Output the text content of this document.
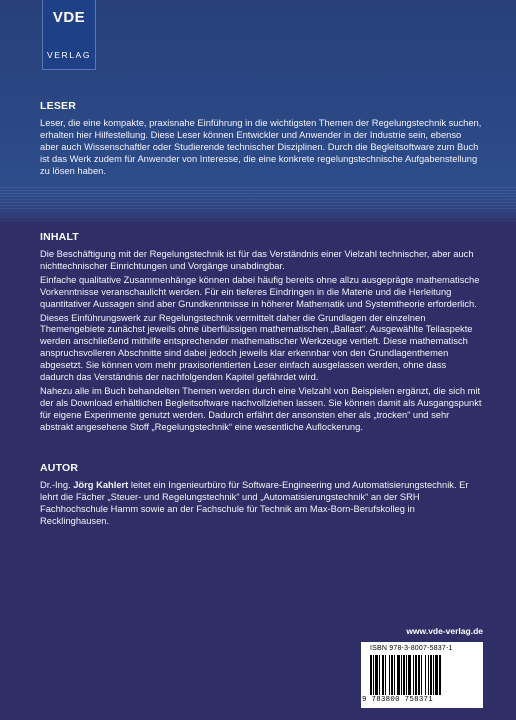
VDE
VERLAG

LESER

Leser, die eine kompakte, praxisnahe Einführung in die wichtigsten Themen der Regelungstechnik suchen, erhalten hier Hilfestellung. Diese Leser können Entwickler und Anwender in der Industrie sein, ebenso aber auch Wissenschaftler oder Studierende technischer Disziplinen. Durch die Begleitsoftware zum Buch ist das Werk zudem für Anwender von Interesse, die eine konkrete regelungstechnische Aufgabenstellung zu lösen haben.

INHALT

Die Beschäftigung mit der Regelungstechnik ist für das Verständnis einer Vielzahl technischer, aber auch nichttechnischer Einrichtungen und Vorgänge unabdingbar.

Einfache qualitative Zusammenhänge können dabei häufig bereits ohne allzu ausgeprägte mathematische Vorkenntnisse veranschaulicht werden. Für ein tieferes Eindringen in die Materie und die Herleitung quantitativer Aussagen sind aber Grundkenntnisse in höherer Mathematik und Systemtheorie erforderlich.

Dieses Einführungswerk zur Regelungstechnik vermittelt daher die Grundlagen der einzelnen Themengebiete zunächst jeweils ohne überflüssigen mathematischen „Ballast“. Ausgewählte Teilaspekte werden anschließend mithilfe entsprechender mathematischer Werkzeuge vertieft. Diese mathematisch anspruchsvolleren Abschnitte sind dabei jedoch jeweils klar erkennbar von den Grundlagenthemen abgesetzt. Sie können vom mehr praxisorientierten Leser einfach ausgelassen werden, ohne dass dadurch das Verständnis der nachfolgenden Kapitel gefährdet wird.

Nahezu alle im Buch behandelten Themen werden durch eine Vielzahl von Beispielen ergänzt, die sich mit der als Download erhältlichen Begleitsoftware nachvollziehen lassen. Sie können damit als Ausgangspunkt für eigene Experimente genutzt werden. Dadurch erfährt der ansonsten eher als „trocken“ und sehr abstrakt angesehene Stoff „Regelungstechnik“ eine wesentliche Auflockerung.

AUTOR

Dr.-Ing. Jörg Kahlert leitet ein Ingenieurbüro für Software-Engineering und Automatisierungstechnik. Er lehrt die Fächer „Steuer- und Regelungstechnik“ und „Automatisierungstechnik“ an der SRH Fachhochschule Hamm sowie an der Fachschule für Technik am Max-Born-Berufskolleg in Recklinghausen.

www.vde-verlag.de
ISBN 978-3-8007-5837-1
9 783800 758371
